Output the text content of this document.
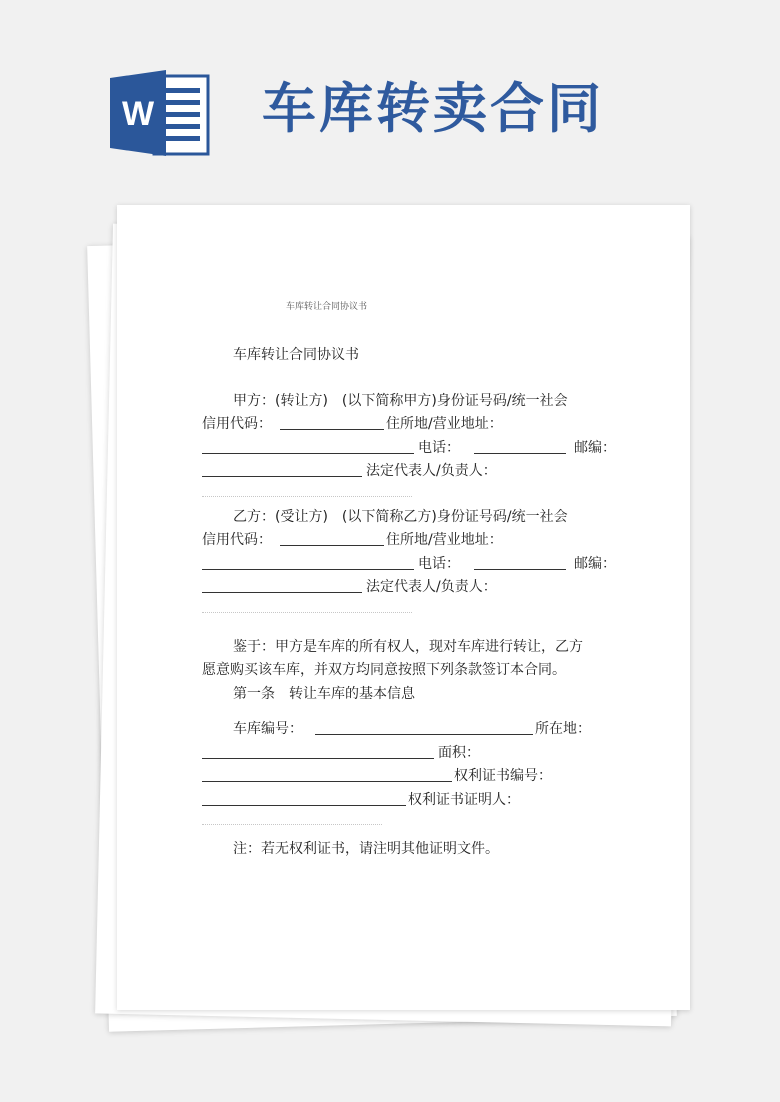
W 车库转卖合同
车库转让合同协议书
车库转让合同协议书
甲方：(转让方)　(以下简称甲方)身份证号码/统一社会
信用代码：	住所地/营业地址：
电话：	邮编：
法定代表人/负责人：
乙方：(受让方)　(以下简称乙方)身份证号码/统一社会
信用代码：	住所地/营业地址：
电话：	邮编：
法定代表人/负责人：
鉴于：甲方是车库的所有权人，现对车库进行转让，乙方
愿意购买该车库，并双方均同意按照下列条款签订本合同。
第一条　转让车库的基本信息
车库编号：	所在地：
面积：
权利证书编号：
权利证书证明人：
注：若无权利证书，请注明其他证明文件。
